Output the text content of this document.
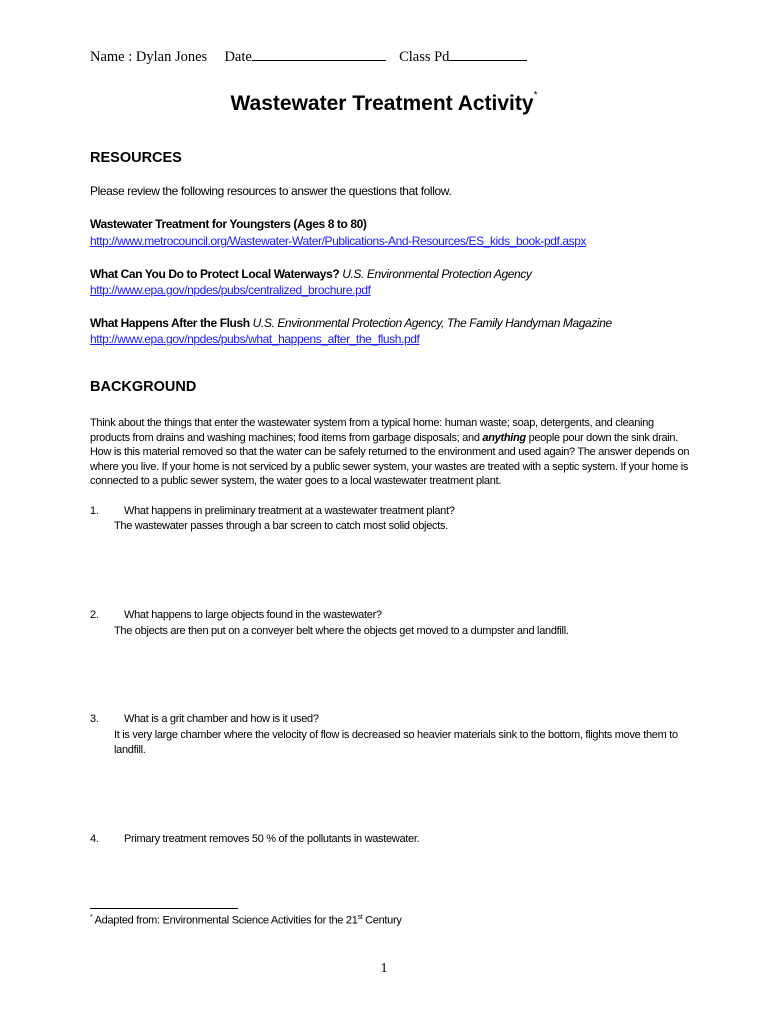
Name : Dylan Jones Date	Class Pd
Wastewater Treatment Activity*
RESOURCES
Please review the following resources to answer the questions that follow.
Wastewater Treatment for Youngsters (Ages 8 to 80)
http://www.metrocouncil.org/Wastewater-Water/Publications-And-Resources/ES_kids_book-pdf.aspx
What Can You Do to Protect Local Waterways? U.S. Environmental Protection Agency
http://www.epa.gov/npdes/pubs/centralized_brochure.pdf
What Happens After the Flush U.S. Environmental Protection Agency, The Family Handyman Magazine
http://www.epa.gov/npdes/pubs/what_happens_after_the_flush.pdf
BACKGROUND
Think about the things that enter the wastewater system from a typical home: human waste; soap, detergents, and cleaning products from drains and washing machines; food items from garbage disposals; and anything people pour down the sink drain. How is this material removed so that the water can be safely returned to the environment and used again? The answer depends on where you live. If your home is not serviced by a public sewer system, your wastes are treated with a septic system. If your home is connected to a public sewer system, the water goes to a local wastewater treatment plant.
1. What happens in preliminary treatment at a wastewater treatment plant?
The wastewater passes through a bar screen to catch most solid objects.
2. What happens to large objects found in the wastewater?
The objects are then put on a conveyer belt where the objects get moved to a dumpster and landfill.
3. What is a grit chamber and how is it used?
It is very large chamber where the velocity of flow is decreased so heavier materials sink to the bottom, flights move them to landfill.
4. Primary treatment removes 50 % of the pollutants in wastewater.
* Adapted from: Environmental Science Activities for the 21st Century
1
